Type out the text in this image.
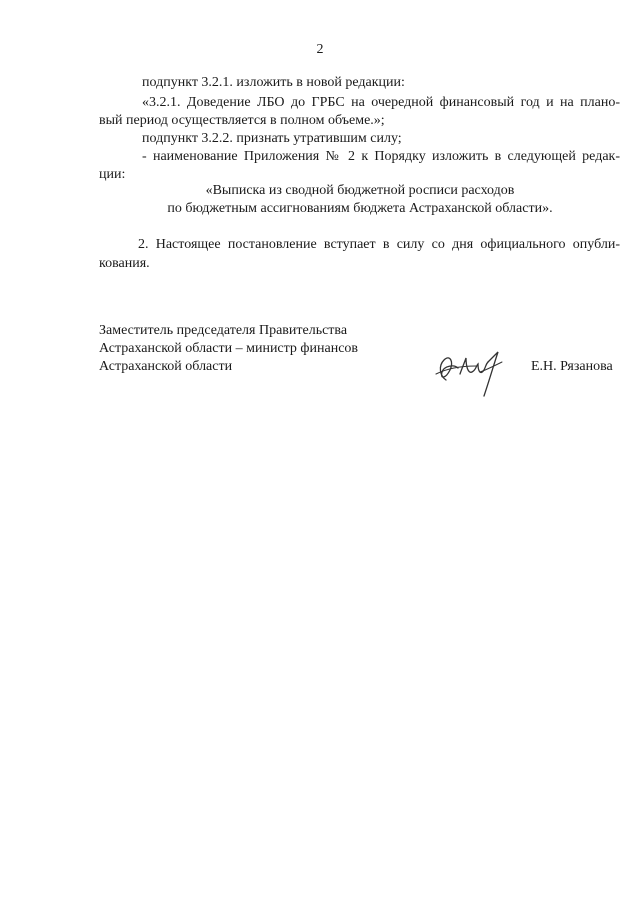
2
подпункт 3.2.1. изложить в новой редакции:
«3.2.1. Доведение ЛБО до ГРБС на очередной финансовый год и на плано-
вый период осуществляется в полном объеме.»;
подпункт 3.2.2. признать утратившим силу;
- наименование Приложения № 2 к Порядку изложить в следующей редак-
ции:
«Выписка из сводной бюджетной росписи расходов
по бюджетным ассигнованиям бюджета Астраханской области».
2. Настоящее постановление вступает в силу со дня официального опубли-
кования.
Заместитель председателя Правительства
Астраханской области – министр финансов
Астраханской области	Е.Н. Рязанова
